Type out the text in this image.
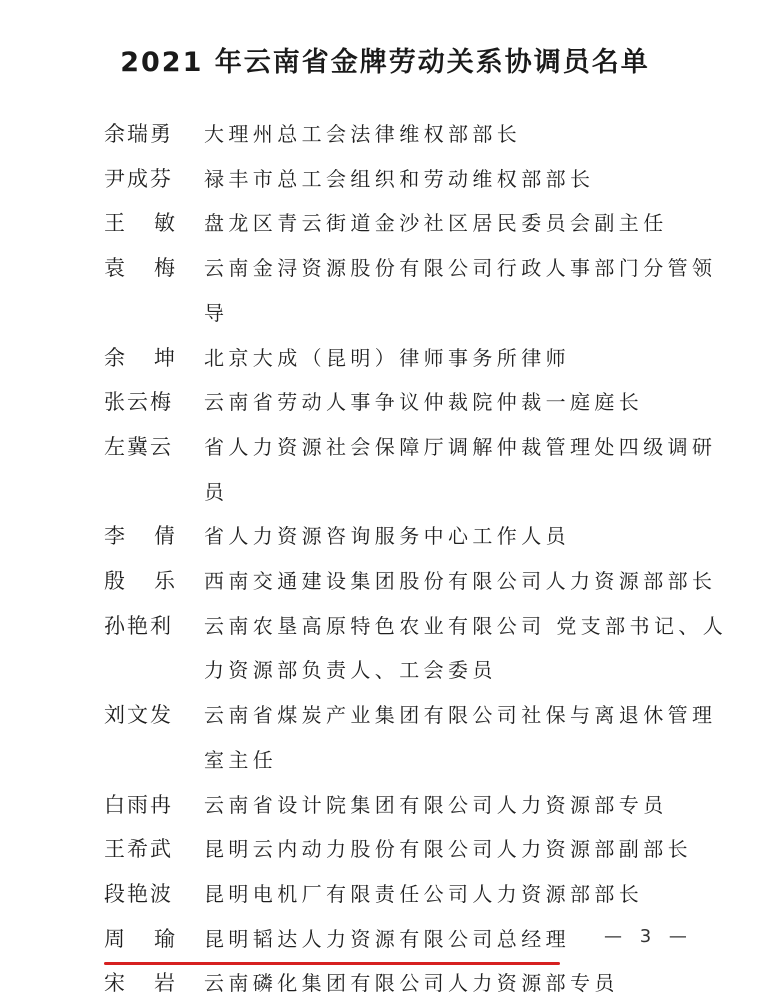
2021 年云南省金牌劳动关系协调员名单
余瑞勇	大理州总工会法律维权部部长
尹成芬	禄丰市总工会组织和劳动维权部部长
王 敏	盘龙区青云街道金沙社区居民委员会副主任
袁 梅	云南金浔资源股份有限公司行政人事部门分管领导
余 坤	北京大成（昆明）律师事务所律师
张云梅	云南省劳动人事争议仲裁院仲裁一庭庭长
左冀云	省人力资源社会保障厅调解仲裁管理处四级调研员
李 倩	省人力资源咨询服务中心工作人员
殷 乐	西南交通建设集团股份有限公司人力资源部部长
孙艳利	云南农垦高原特色农业有限公司 党支部书记、人力资源部负责人、工会委员
刘文发	云南省煤炭产业集团有限公司社保与离退休管理室主任
白雨冉	云南省设计院集团有限公司人力资源部专员
王希武	昆明云内动力股份有限公司人力资源部副部长
段艳波	昆明电机厂有限责任公司人力资源部部长
周 瑜	昆明韬达人力资源有限公司总经理
宋 岩	云南磷化集团有限公司人力资源部专员
— 3 —
